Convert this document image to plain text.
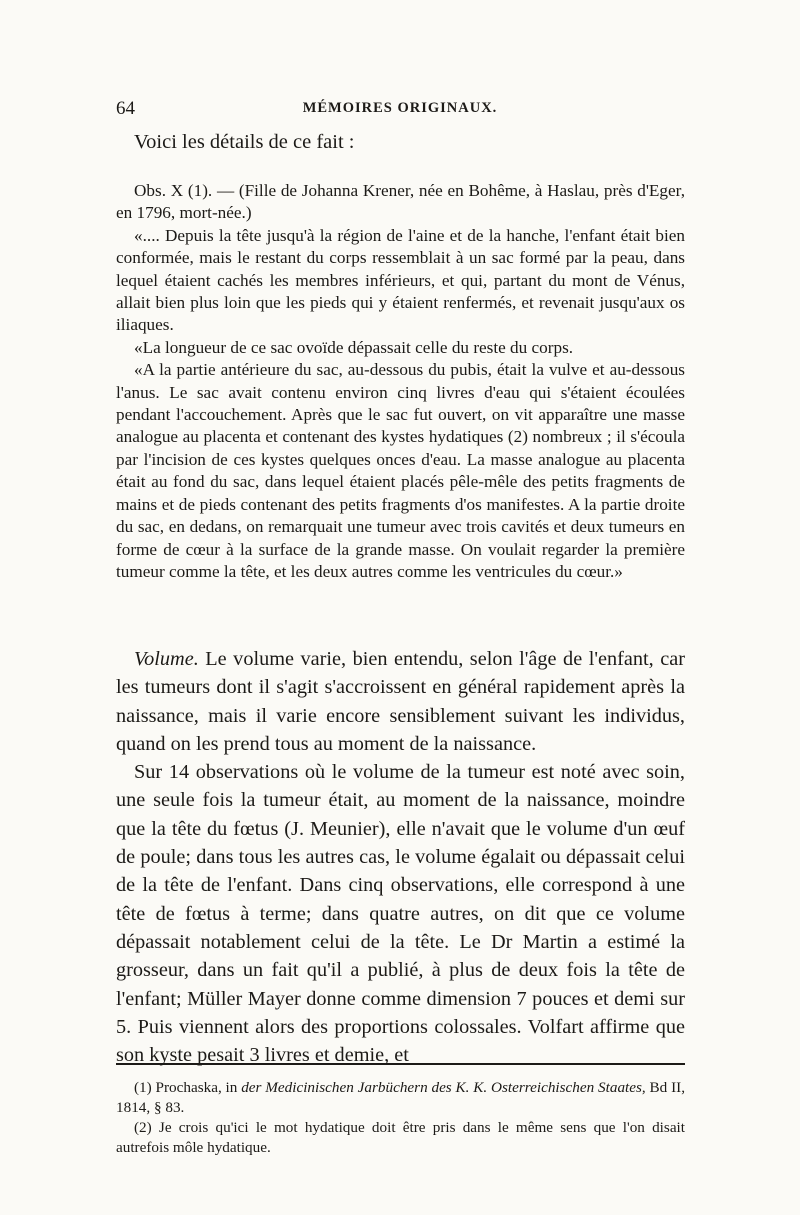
64	MÉMOIRES ORIGINAUX.

Voici les détails de ce fait :

Obs. X (1). — (Fille de Johanna Krener, née en Bohême, à Haslau, près d'Eger, en 1796, mort-née.)

«.... Depuis la tête jusqu'à la région de l'aine et de la hanche, l'enfant était bien conformée, mais le restant du corps ressemblait à un sac formé par la peau, dans lequel étaient cachés les membres inférieurs, et qui, partant du mont de Vénus, allait bien plus loin que les pieds qui y étaient renfermés, et revenait jusqu'aux os iliaques.

«La longueur de ce sac ovoïde dépassait celle du reste du corps.

«A la partie antérieure du sac, au-dessous du pubis, était la vulve et au-dessous l'anus. Le sac avait contenu environ cinq livres d'eau qui s'étaient écoulées pendant l'accouchement. Après que le sac fut ouvert, on vit apparaître une masse analogue au placenta et contenant des kystes hydatiques (2) nombreux ; il s'écoula par l'incision de ces kystes quelques onces d'eau. La masse analogue au placenta était au fond du sac, dans lequel étaient placés pêle-mêle des petits fragments de mains et de pieds contenant des petits fragments d'os manifestes. A la partie droite du sac, en dedans, on remarquait une tumeur avec trois cavités et deux tumeurs en forme de cœur à la surface de la grande masse. On voulait regarder la première tumeur comme la tête, et les deux autres comme les ventricules du cœur.»

Volume. Le volume varie, bien entendu, selon l'âge de l'enfant, car les tumeurs dont il s'agit s'accroissent en général rapidement après la naissance, mais il varie encore sensiblement suivant les individus, quand on les prend tous au moment de la naissance.

Sur 14 observations où le volume de la tumeur est noté avec soin, une seule fois la tumeur était, au moment de la naissance, moindre que la tête du fœtus (J. Meunier), elle n'avait que le volume d'un œuf de poule; dans tous les autres cas, le volume égalait ou dépassait celui de la tête de l'enfant. Dans cinq observations, elle correspond à une tête de fœtus à terme; dans quatre autres, on dit que ce volume dépassait notablement celui de la tête. Le Dr Martin a estimé la grosseur, dans un fait qu'il a publié, à plus de deux fois la tête de l'enfant; Müller Mayer donne comme dimension 7 pouces et demi sur 5. Puis viennent alors des proportions colossales. Volfart affirme que son kyste pesait 3 livres et demie, et

(1) Prochaska, in der Medicinischen Jarbüchern des K. K. Osterreichischen Staates, Bd II, 1814, § 83.

(2) Je crois qu'ici le mot hydatique doit être pris dans le même sens que l'on disait autrefois môle hydatique.
